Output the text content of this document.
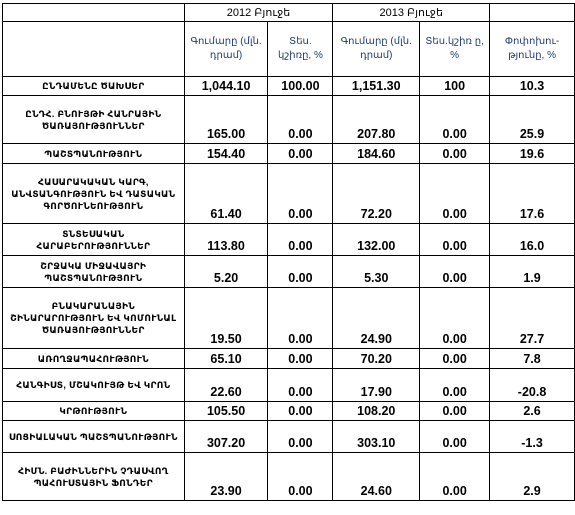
	2012 Բյուջե		2013 Բյուջե		
	Գումարը (մլն. դրամ)	Տես. կշիռը, %	Գումարը (մլն. դրամ)	Տես.կշիռ ը, %	Փոփոխու- թյունը, %
ԸՆԴԱՄԵՆԸ ԾԱԽՍԵՐ	1,044.10	100.00	1,151.30	100	10.3
ԸՆԴՀ. ԲՆՈՒՅԹԻ ՀԱՆՐԱՅԻՆ ԾԱՌԱՅՈՒԹՅՈՒՆՆԵՐ	165.00	0.00	207.80	0.00	25.9
ՊԱՇՏՊԱՆՈՒԹՅՈՒՆ	154.40	0.00	184.60	0.00	19.6
ՀԱՍԱՐԱԿԱԿԱՆ ԿԱՐԳ, ԱՆՎՏԱՆԳՈՒԹՅՈՒՆ ԵՎ ԴԱՏԱԿԱՆ ԳՈՐԾՈՒՆԵՈՒԹՅՈՒՆ	61.40	0.00	72.20	0.00	17.6
ՏՆՏԵՍԱԿԱՆ ՀԱՐԱԲԵՐՈՒԹՅՈՒՆՆԵՐ	113.80	0.00	132.00	0.00	16.0
ՇՐՋԱԿԱ ՄԻՋԱՎԱՅՐԻ ՊԱՇՏՊԱՆՈՒԹՅՈՒՆ	5.20	0.00	5.30	0.00	1.9
ԲՆԱԿԱՐԱՆԱՅԻՆ ՇԻՆԱՐԱՐՈՒԹՅՈՒՆ ԵՎ ԿՈՄՈՒՆԱԼ ԾԱՌԱՅՈՒԹՅՈՒՆՆԵՐ	19.50	0.00	24.90	0.00	27.7
ԱՌՈՂՋԱՊԱՀՈՒԹՅՈՒՆ	65.10	0.00	70.20	0.00	7.8
ՀԱՆԳԻՍՏ, ՄՇԱԿՈՒՅԹ ԵՎ ԿՐՈՆ	22.60	0.00	17.90	0.00	-20.8
ԿՐԹՈՒԹՅՈՒՆ	105.50	0.00	108.20	0.00	2.6
ՍՈՑԻԱԼԱԿԱՆ ՊԱՇՏՊԱՆՈՒԹՅՈՒՆ	307.20	0.00	303.10	0.00	-1.3
ՀԻՄՆ. ԲԱԺԻՆՆԵՐԻՆ ՉԴԱՍՎՈՂ ՊԱՀՈՒՍՏԱՅԻՆ ՖՈՆԴԵՐ	23.90	0.00	24.60	0.00	2.9
